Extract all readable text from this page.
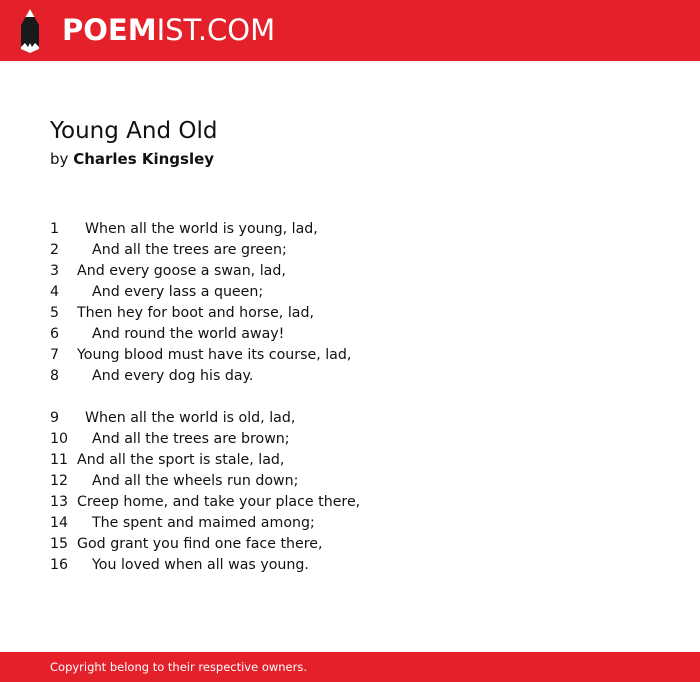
POEMIST.COM
Young And Old
by Charles Kingsley
1 When all the world is young, lad,
2 And all the trees are green;
3 And every goose a swan, lad,
4 And every lass a queen;
5 Then hey for boot and horse, lad,
6 And round the world away!
7 Young blood must have its course, lad,
8 And every dog his day.
9 When all the world is old, lad,
10 And all the trees are brown;
11 And all the sport is stale, lad,
12 And all the wheels run down;
13 Creep home, and take your place there,
14 The spent and maimed among;
15 God grant you find one face there,
16 You loved when all was young.
Copyright belong to their respective owners.
